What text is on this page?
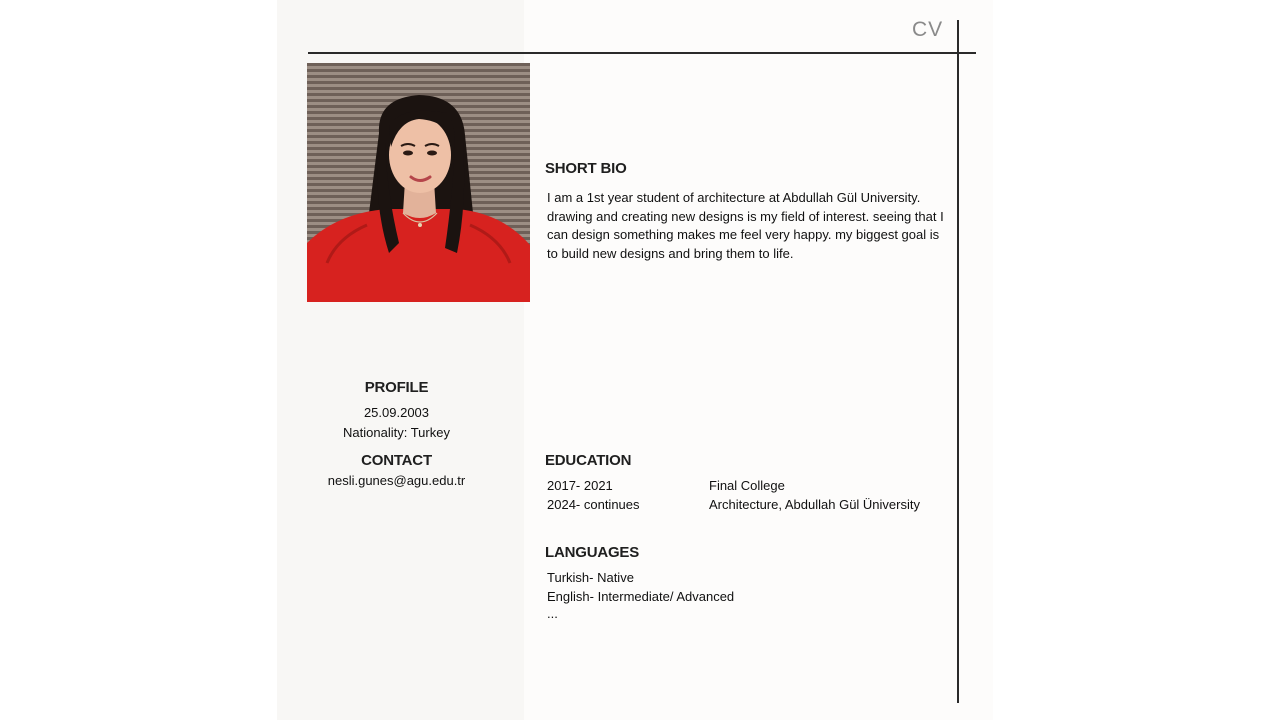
CV
SHORT BIO
I am a 1st year student of architecture at Abdullah Gül University. drawing and creating new designs is my field of interest. seeing that I can design something makes me feel very happy. my biggest goal is to build new designs and bring them to life.
PROFILE
25.09.2003
Nationality: Turkey
CONTACT
nesli.gunes@agu.edu.tr
EDUCATION
2017- 2021	Final College
2024- continues	Architecture, Abdullah Gül Üniversity
LANGUAGES
Turkish- Native
English- Intermediate/ Advanced
...
